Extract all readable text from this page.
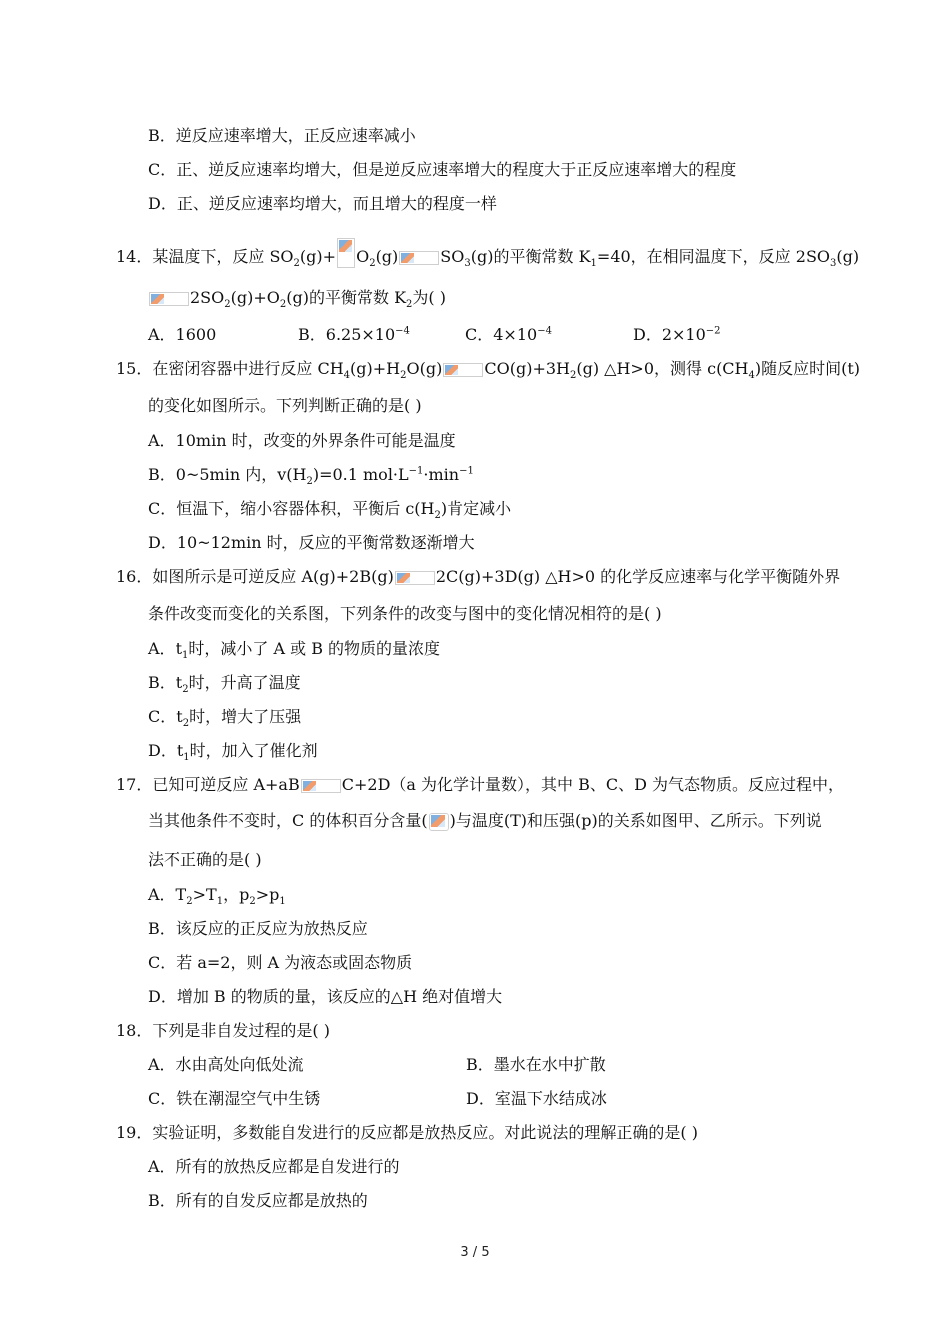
B．逆反应速率增大，正反应速率减小
C．正、逆反应速率均增大，但是逆反应速率增大的程度大于正反应速率增大的程度
D．正、逆反应速率均增大，而且增大的程度一样
14．某温度下，反应 $SO_2(g)+ O_2(g)$	$SO_3(g)$的平衡常数 $K_1=40$，在相同温度下，反应 $2SO_3(g)$
$2SO_2(g)+O_2(g)$的平衡常数 $K_2$为( )
A．1600	B．$6.25\times 10^{-4}$	C．$4\times 10^{-4}$	D．$2\times 10^{-2}$
15．在密闭容器中进行反应 $CH_4(g)+H_2O(g)$	$CO(g)+3H_2(g)$ △H>0，测得 $c(CH_4)$随反应时间(t)
的变化如图所示。下列判断正确的是( )
A．10min 时，改变的外界条件可能是温度
B．0~5min 内，$v(H_2)=0.1$ $mol\cdot L^{-1}\cdot\min^{-1}$
C．恒温下，缩小容器体积，平衡后 $c(H_2)$肯定减小
D．10~12min 时，反应的平衡常数逐渐增大
16．如图所示是可逆反应 A(g)+2B(g)	2C(g)+3D(g) △H>0 的化学反应速率与化学平衡随外界
条件改变而变化的关系图，下列条件的改变与图中的变化情况相符的是( )
A．$t_1$时，减小了 A 或 B 的物质的量浓度
B．$t_2$时，升高了温度
C．$t_2$时，增大了压强
D．$t_1$时，加入了催化剂
17．已知可逆反应 A+aB	C+2D（a 为化学计量数），其中 B、C、D 为气态物质。反应过程中，
当其他条件不变时，C 的体积百分含量( )与温度(T)和压强(p)的关系如图甲、乙所示。下列说
法不正确的是( )
A．$T_2>T_1$，$p_2>p_1$
B．该反应的正反应为放热反应
C．若 a=2，则 A 为液态或固态物质
D．增加 B 的物质的量，该反应的△H 绝对值增大
18．下列是非自发过程的是( )
A．水由高处向低处流	B．墨水在水中扩散
C．铁在潮湿空气中生锈	D．室温下水结成冰
19．实验证明，多数能自发进行的反应都是放热反应。对此说法的理解正确的是( )
A．所有的放热反应都是自发进行的
B．所有的自发反应都是放热的
3 / 5
